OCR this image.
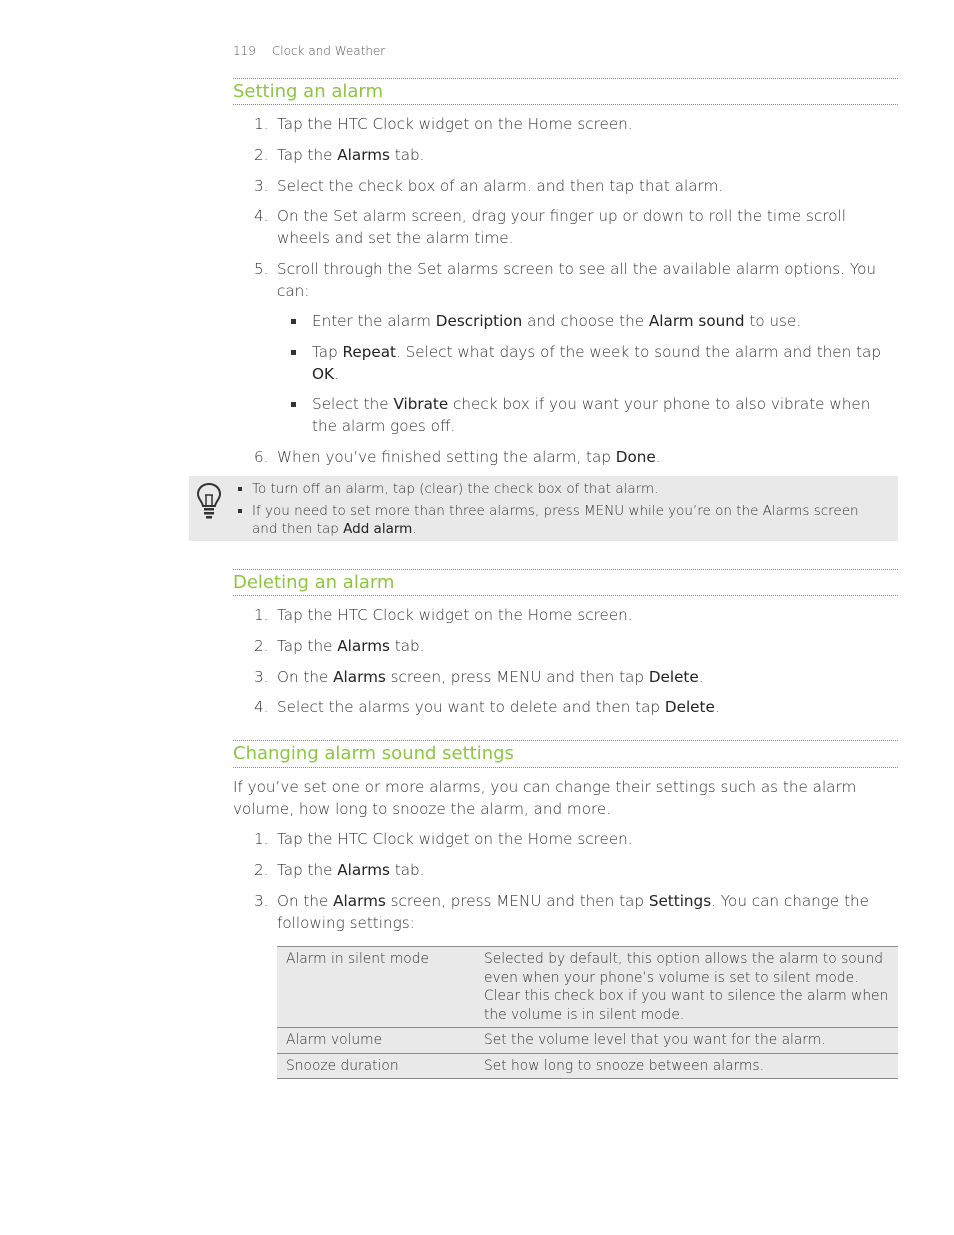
119 Clock and Weather
Setting an alarm
1. Tap the HTC Clock widget on the Home screen.
2. Tap the Alarms tab.
3. Select the check box of an alarm. and then tap that alarm.
4. On the Set alarm screen, drag your finger up or down to roll the time scroll wheels and set the alarm time.
5. Scroll through the Set alarms screen to see all the available alarm options. You can:
Enter the alarm Description and choose the Alarm sound to use.
Tap Repeat. Select what days of the week to sound the alarm and then tap OK.
Select the Vibrate check box if you want your phone to also vibrate when the alarm goes off.
6. When you’ve finished setting the alarm, tap Done.
To turn off an alarm, tap (clear) the check box of that alarm.
If you need to set more than three alarms, press MENU while you’re on the Alarms screen and then tap Add alarm.
Deleting an alarm
1. Tap the HTC Clock widget on the Home screen.
2. Tap the Alarms tab.
3. On the Alarms screen, press MENU and then tap Delete.
4. Select the alarms you want to delete and then tap Delete.
Changing alarm sound settings
If you’ve set one or more alarms, you can change their settings such as the alarm volume, how long to snooze the alarm, and more.
1. Tap the HTC Clock widget on the Home screen.
2. Tap the Alarms tab.
3. On the Alarms screen, press MENU and then tap Settings. You can change the following settings:
Alarm in silent mode	Selected by default, this option allows the alarm to sound even when your phone’s volume is set to silent mode. Clear this check box if you want to silence the alarm when the volume is in silent mode.
Alarm volume	Set the volume level that you want for the alarm.
Snooze duration	Set how long to snooze between alarms.
